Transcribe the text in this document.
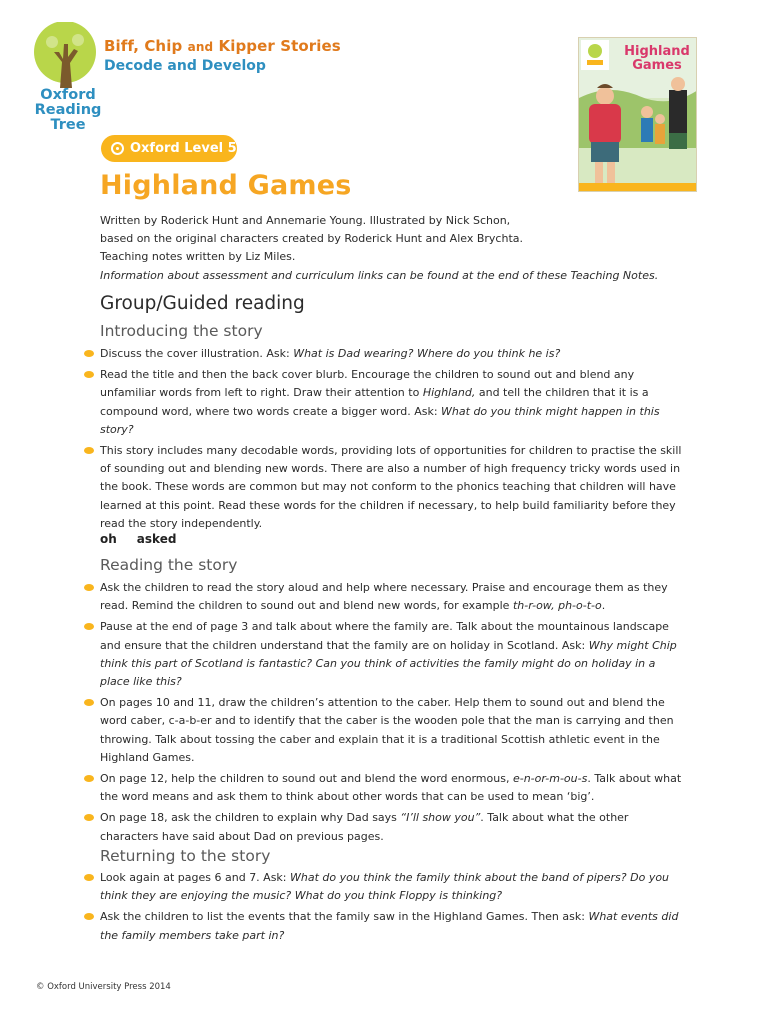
Oxford
Reading
Tree
Biff, Chip and Kipper Stories
Decode and Develop
Oxford Level 5
Highland Games
Highland
Games
Written by Roderick Hunt and Annemarie Young. Illustrated by Nick Schon,
based on the original characters created by Roderick Hunt and Alex Brychta.
Teaching notes written by Liz Miles.
Information about assessment and curriculum links can be found at the end of these Teaching Notes.
Group/Guided reading
Introducing the story
Discuss the cover illustration. Ask: What is Dad wearing? Where do you think he is?
Read the title and then the back cover blurb. Encourage the children to sound out and blend any unfamiliar words from left to right. Draw their attention to Highland, and tell the children that it is a compound word, where two words create a bigger word. Ask: What do you think might happen in this story?
This story includes many decodable words, providing lots of opportunities for children to practise the skill of sounding out and blending new words. There are also a number of high frequency tricky words used in the book. These words are common but may not conform to the phonics teaching that children will have learned at this point. Read these words for the children if necessary, to help build familiarity before they read the story independently.
oh asked
Reading the story
Ask the children to read the story aloud and help where necessary. Praise and encourage them as they read. Remind the children to sound out and blend new words, for example th-r-ow, ph-o-t-o.
Pause at the end of page 3 and talk about where the family are. Talk about the mountainous landscape and ensure that the children understand that the family are on holiday in Scotland. Ask: Why might Chip think this part of Scotland is fantastic? Can you think of activities the family might do on holiday in a place like this?
On pages 10 and 11, draw the children’s attention to the caber. Help them to sound out and blend the word caber, c-a-b-er and to identify that the caber is the wooden pole that the man is carrying and then throwing. Talk about tossing the caber and explain that it is a traditional Scottish athletic event in the Highland Games.
On page 12, help the children to sound out and blend the word enormous, e-n-or-m-ou-s. Talk about what the word means and ask them to think about other words that can be used to mean ‘big’.
On page 18, ask the children to explain why Dad says “I’ll show you”. Talk about what the other characters have said about Dad on previous pages.
Returning to the story
Look again at pages 6 and 7. Ask: What do you think the family think about the band of pipers? Do you think they are enjoying the music? What do you think Floppy is thinking?
Ask the children to list the events that the family saw in the Highland Games. Then ask: What events did the family members take part in?
© Oxford University Press 2014
